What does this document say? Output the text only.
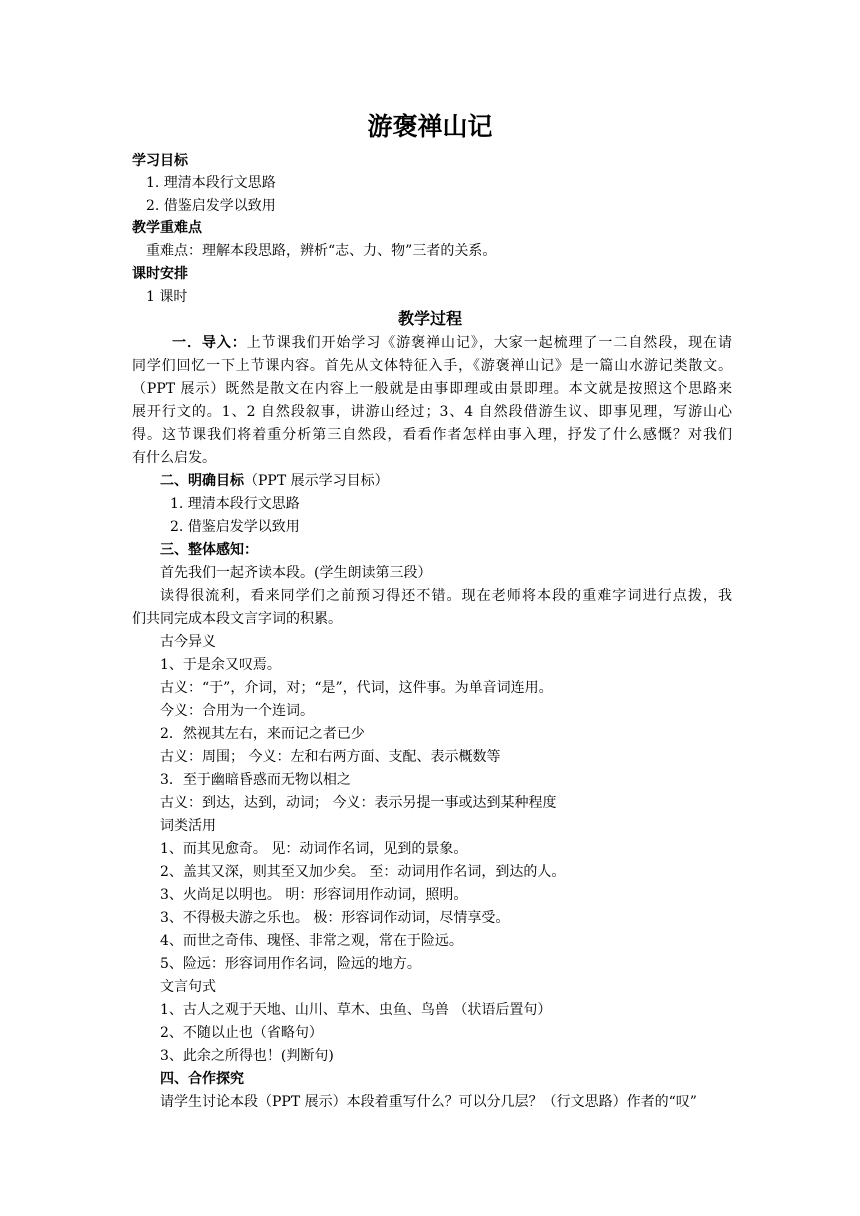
游褒禅山记
学习目标
1. 理清本段行文思路
2. 借鉴启发学以致用
教学重难点
重难点：理解本段思路，辨析“志、力、物”三者的关系。
课时安排
1 课时
教学过程
一．导入：上节课我们开始学习《游褒禅山记》，大家一起梳理了一二自然段，现在请
同学们回忆一下上节课内容。首先从文体特征入手，《游褒禅山记》是一篇山水游记类散文。
（PPT 展示）既然是散文在内容上一般就是由事即理或由景即理。本文就是按照这个思路来
展开行文的。1、2 自然段叙事，讲游山经过；3、4 自然段借游生议、即事见理，写游山心
得。这节课我们将着重分析第三自然段，看看作者怎样由事入理，抒发了什么感慨？对我们
有什么启发。
二、明确目标（PPT 展示学习目标）
1. 理清本段行文思路
2. 借鉴启发学以致用
三、整体感知：
首先我们一起齐读本段。(学生朗读第三段）
读得很流利，看来同学们之前预习得还不错。现在老师将本段的重难字词进行点拨，我
们共同完成本段文言字词的积累。
古今异义
1、于是余又叹焉。
古义：“于”，介词，对；“是”，代词，这件事。为单音词连用。
今义：合用为一个连词。
2．然视其左右，来而记之者已少
古义：周围； 今义：左和右两方面、支配、表示概数等
3．至于幽暗昏惑而无物以相之
古义：到达，达到，动词； 今义：表示另提一事或达到某种程度
词类活用
1、而其见愈奇。 见：动词作名词，见到的景象。
2、盖其又深，则其至又加少矣。 至：动词用作名词，到达的人。
3、火尚足以明也。 明：形容词用作动词，照明。
3、不得极夫游之乐也。 极：形容词作动词，尽情享受。
4、而世之奇伟、瑰怪、非常之观，常在于险远。
5、险远：形容词用作名词，险远的地方。
文言句式
1、古人之观于天地、山川、草木、虫鱼、鸟兽 （状语后置句）
2、不随以止也（省略句）
3、此余之所得也！(判断句)
四、合作探究
请学生讨论本段（PPT 展示）本段着重写什么？可以分几层？（行文思路）作者的“叹”
